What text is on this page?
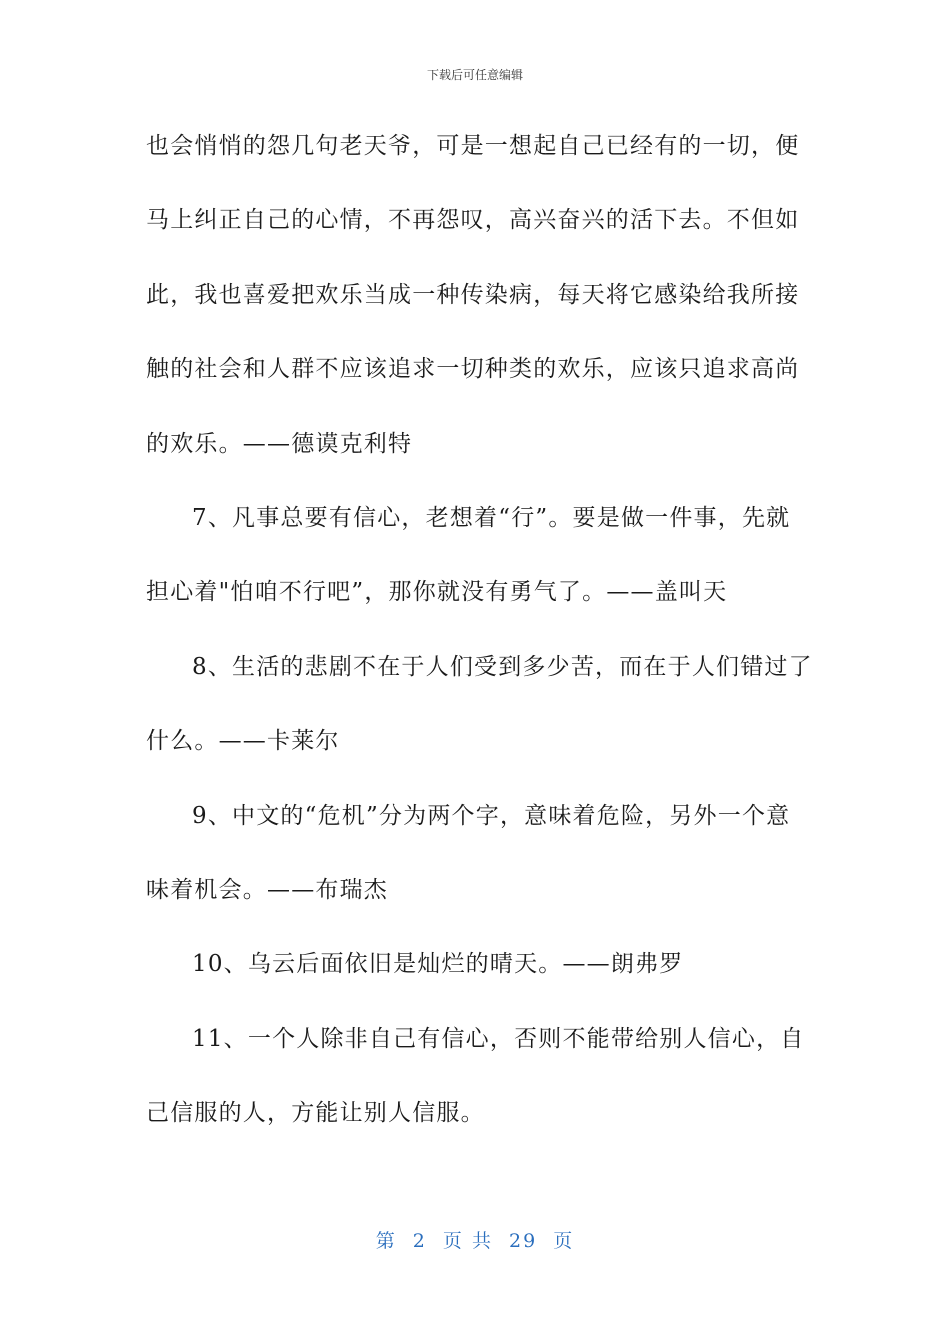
下载后可任意编辑
也会悄悄的怨几句老天爷，可是一想起自己已经有的一切，便
马上纠正自己的心情，不再怨叹，高兴奋兴的活下去。不但如
此，我也喜爱把欢乐当成一种传染病，每天将它感染给我所接
触的社会和人群不应该追求一切种类的欢乐，应该只追求高尚
的欢乐。——德谟克利特
7、凡事总要有信心，老想着“行”。要是做一件事，先就
担心着"怕咱不行吧”，那你就没有勇气了。——盖叫天
8、生活的悲剧不在于人们受到多少苦，而在于人们错过了
什么。——卡莱尔
9、中文的“危机”分为两个字，意味着危险，另外一个意
味着机会。——布瑞杰
10、乌云后面依旧是灿烂的晴天。——朗弗罗
11、一个人除非自己有信心，否则不能带给别人信心，自
己信服的人，方能让别人信服。
第 2 页 共 29 页
